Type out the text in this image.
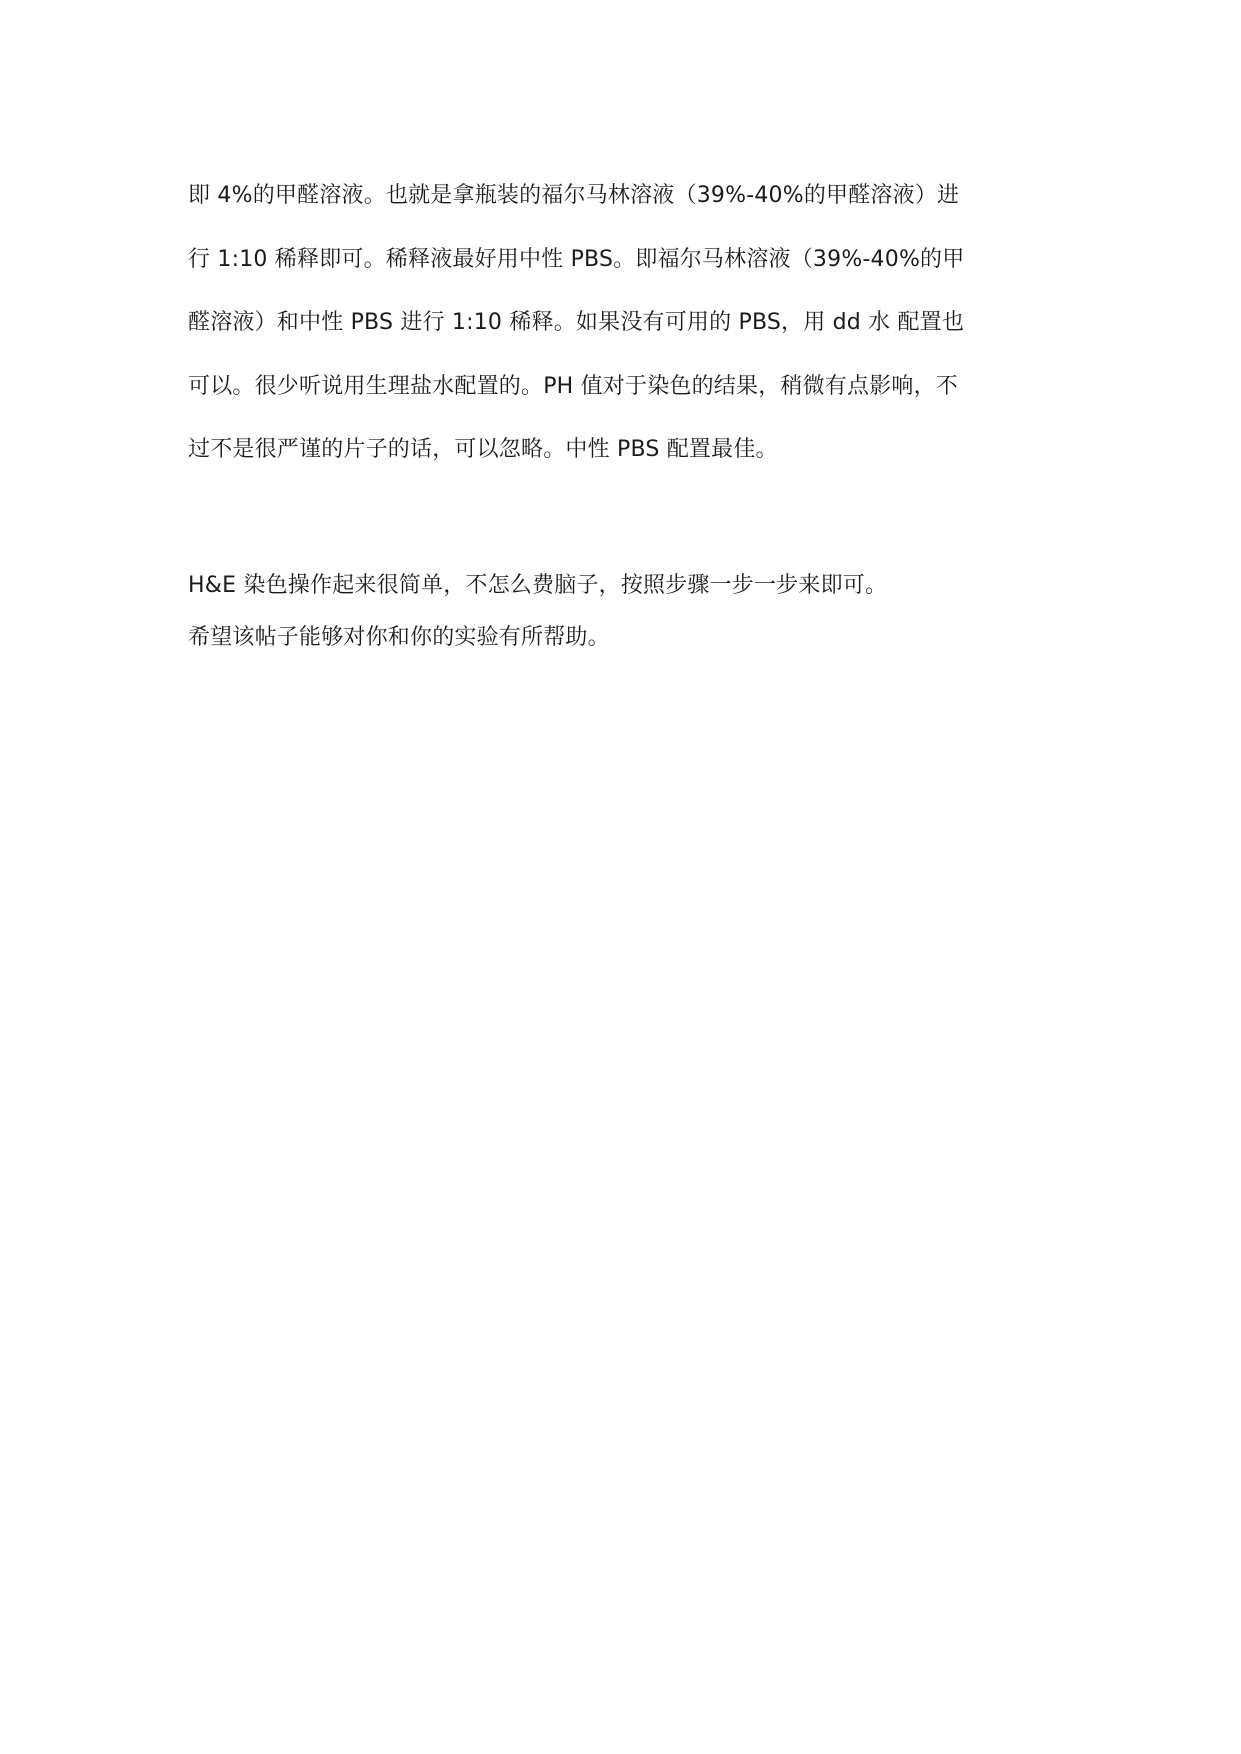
即 4%的甲醛溶液。也就是拿瓶装的福尔马林溶液（39%-40%的甲醛溶液）进
行 1:10 稀释即可。稀释液最好用中性 PBS。即福尔马林溶液（39%-40%的甲
醛溶液）和中性 PBS 进行 1:10 稀释。如果没有可用的 PBS，用 dd 水 配置也
可以。很少听说用生理盐水配置的。PH 值对于染色的结果，稍微有点影响，不
过不是很严谨的片子的话，可以忽略。中性 PBS 配置最佳。

H&E 染色操作起来很简单，不怎么费脑子，按照步骤一步一步来即可。
希望该帖子能够对你和你的实验有所帮助。
